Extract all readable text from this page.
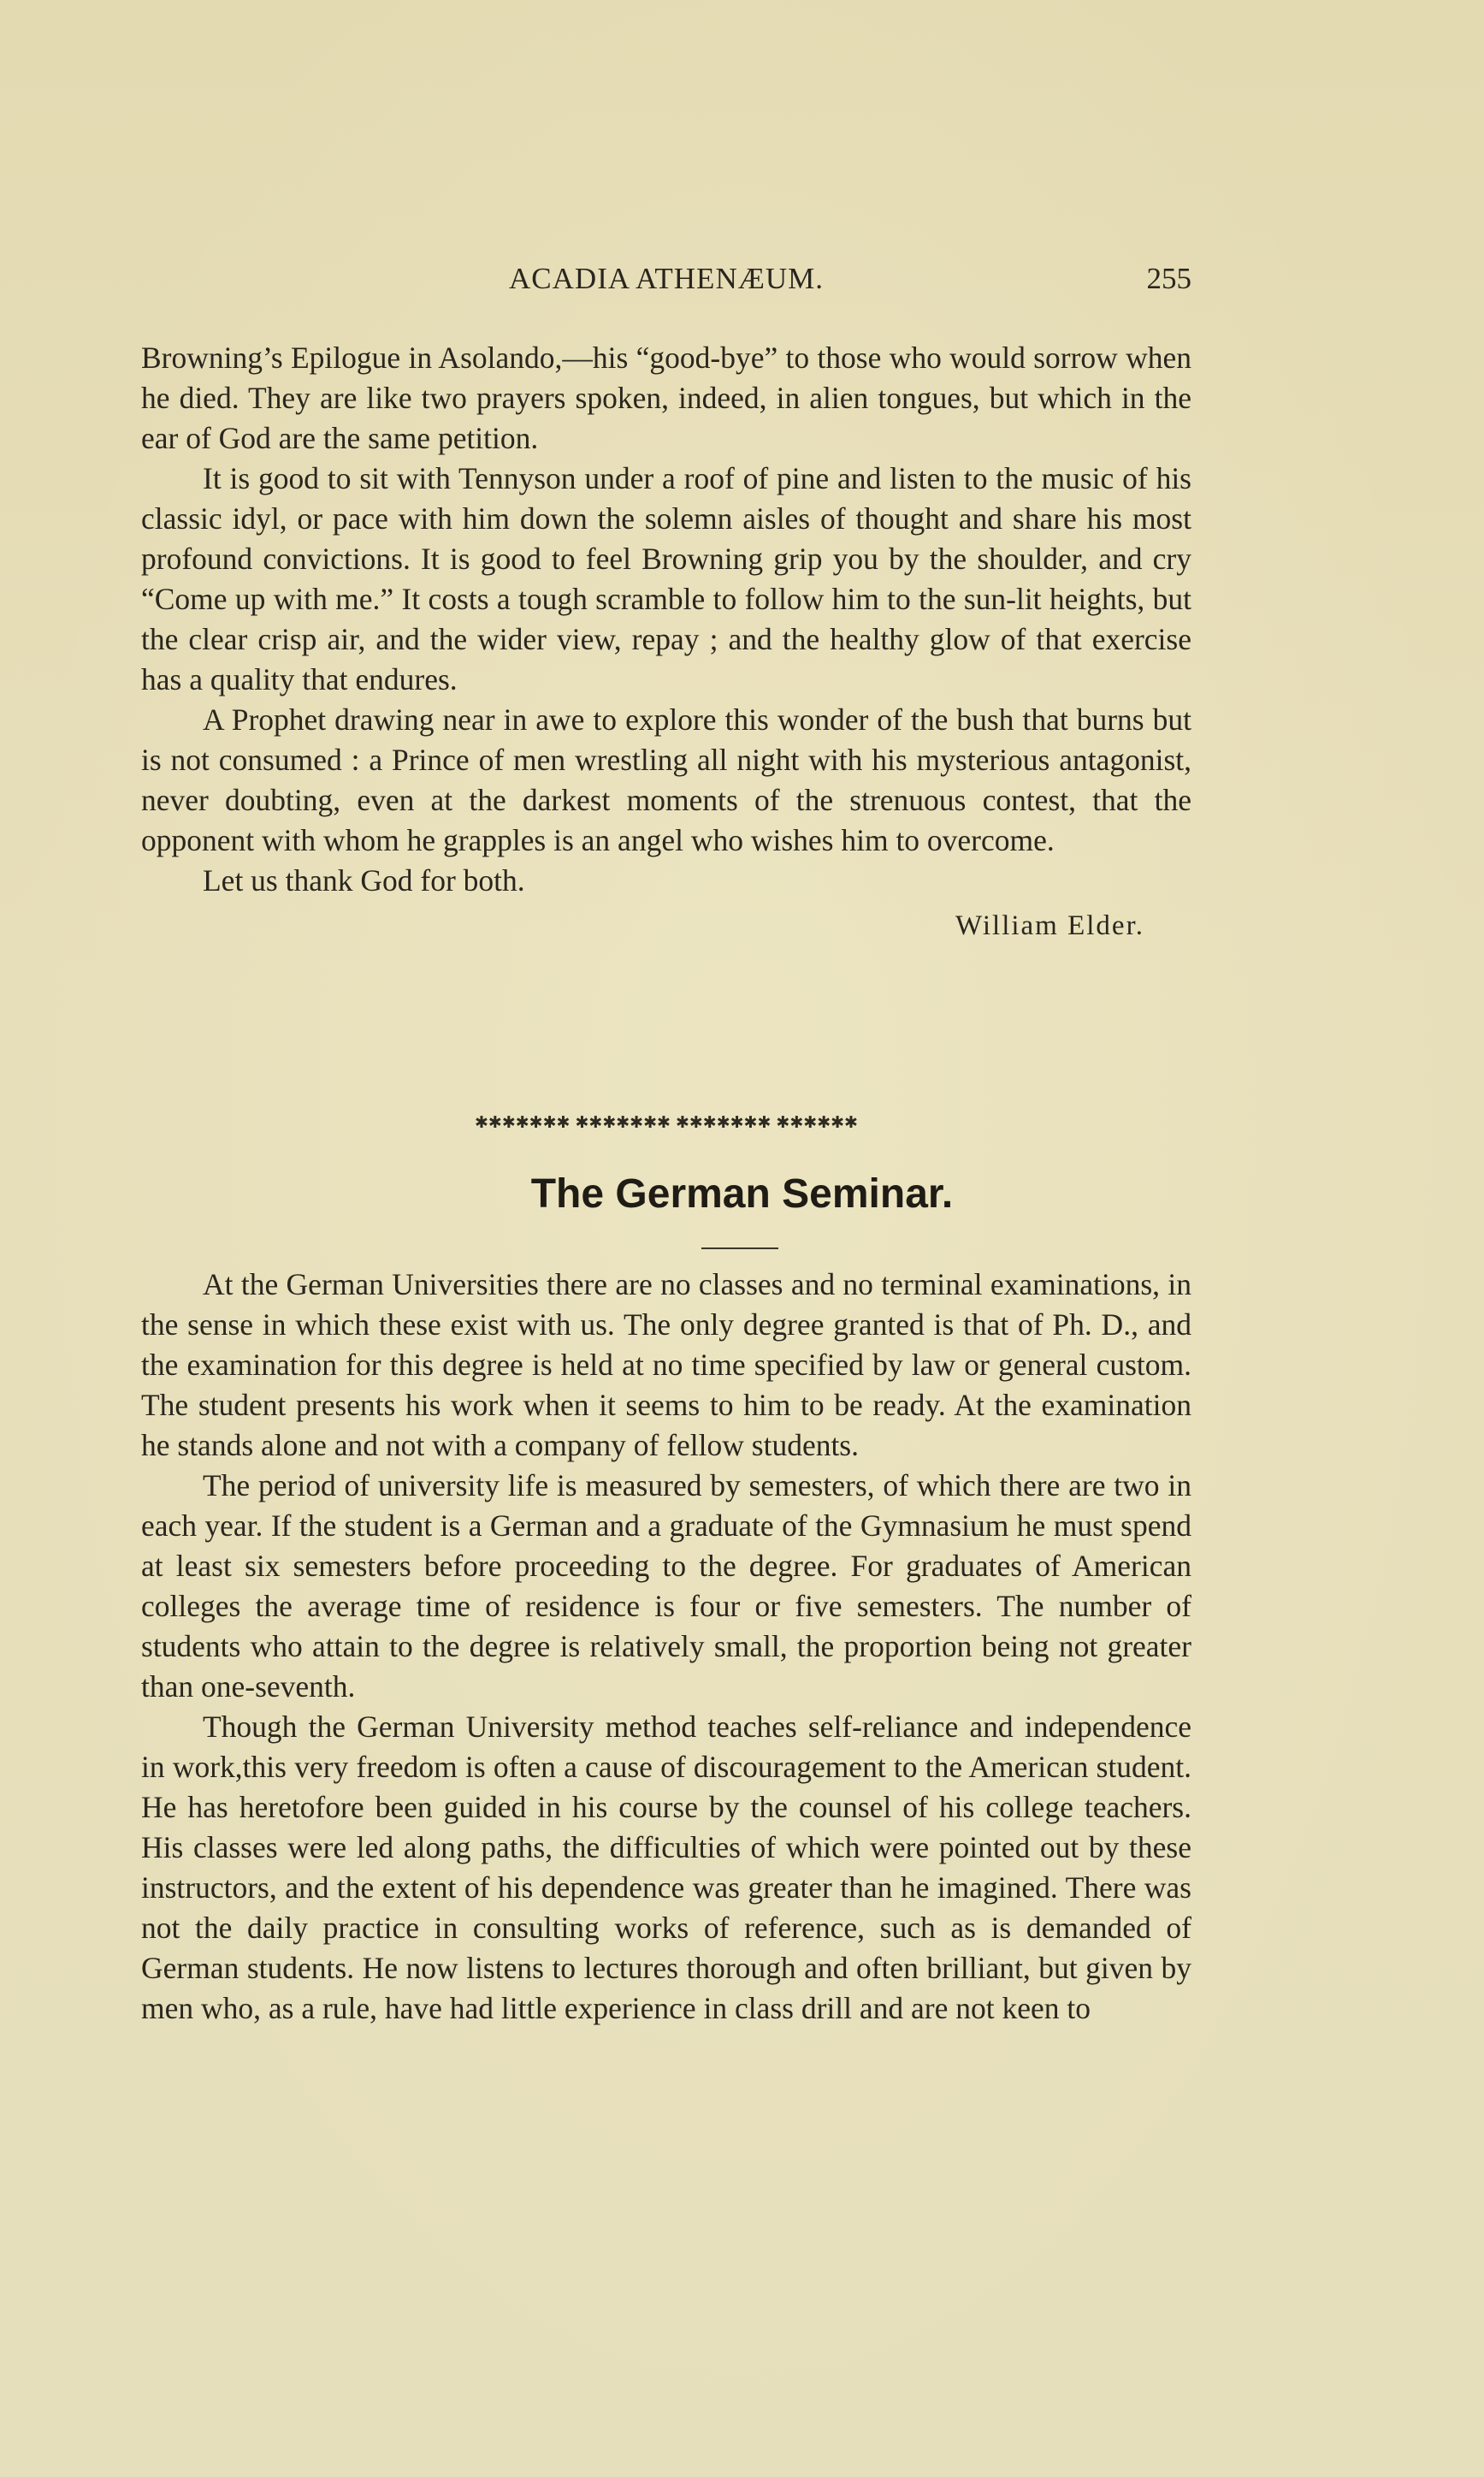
ACADIA ATHENÆUM.	255

Browning’s Epilogue in Asolando,—his “good-bye” to those who would sorrow when he died. They are like two prayers spoken, indeed, in alien tongues, but which in the ear of God are the same petition.

It is good to sit with Tennyson under a roof of pine and listen to the music of his classic idyl, or pace with him down the solemn aisles of thought and share his most profound convictions. It is good to feel Browning grip you by the shoulder, and cry “Come up with me.” It costs a tough scramble to follow him to the sun-lit heights, but the clear crisp air, and the wider view, repay ; and the healthy glow of that exercise has a quality that endures.

A Prophet drawing near in awe to explore this wonder of the bush that burns but is not consumed : a Prince of men wrestling all night with his mysterious antagonist, never doubting, even at the darkest moments of the strenuous contest, that the opponent with whom he grapples is an angel who wishes him to overcome.

Let us thank God for both.

William Elder.

✱✱✱✱✱✱✱ ✱✱✱✱✱✱✱ ✱✱✱✱✱✱✱ ✱✱✱✱✱✱
The German Seminar.

At the German Universities there are no classes and no terminal examinations, in the sense in which these exist with us. The only degree granted is that of Ph. D., and the examination for this degree is held at no time specified by law or general custom. The student presents his work when it seems to him to be ready. At the examination he stands alone and not with a company of fellow students.

The period of university life is measured by semesters, of which there are two in each year. If the student is a German and a graduate of the Gymnasium he must spend at least six semesters before proceeding to the degree. For graduates of American colleges the average time of residence is four or five semesters. The number of students who attain to the degree is relatively small, the proportion being not greater than one-seventh.

Though the German University method teaches self-reliance and independence in work,this very freedom is often a cause of discouragement to the American student. He has heretofore been guided in his course by the counsel of his college teachers. His classes were led along paths, the difficulties of which were pointed out by these instructors, and the extent of his dependence was greater than he imagined. There was not the daily practice in consulting works of reference, such as is demanded of German students. He now listens to lectures thorough and often brilliant, but given by men who, as a rule, have had little experience in class drill and are not keen to
